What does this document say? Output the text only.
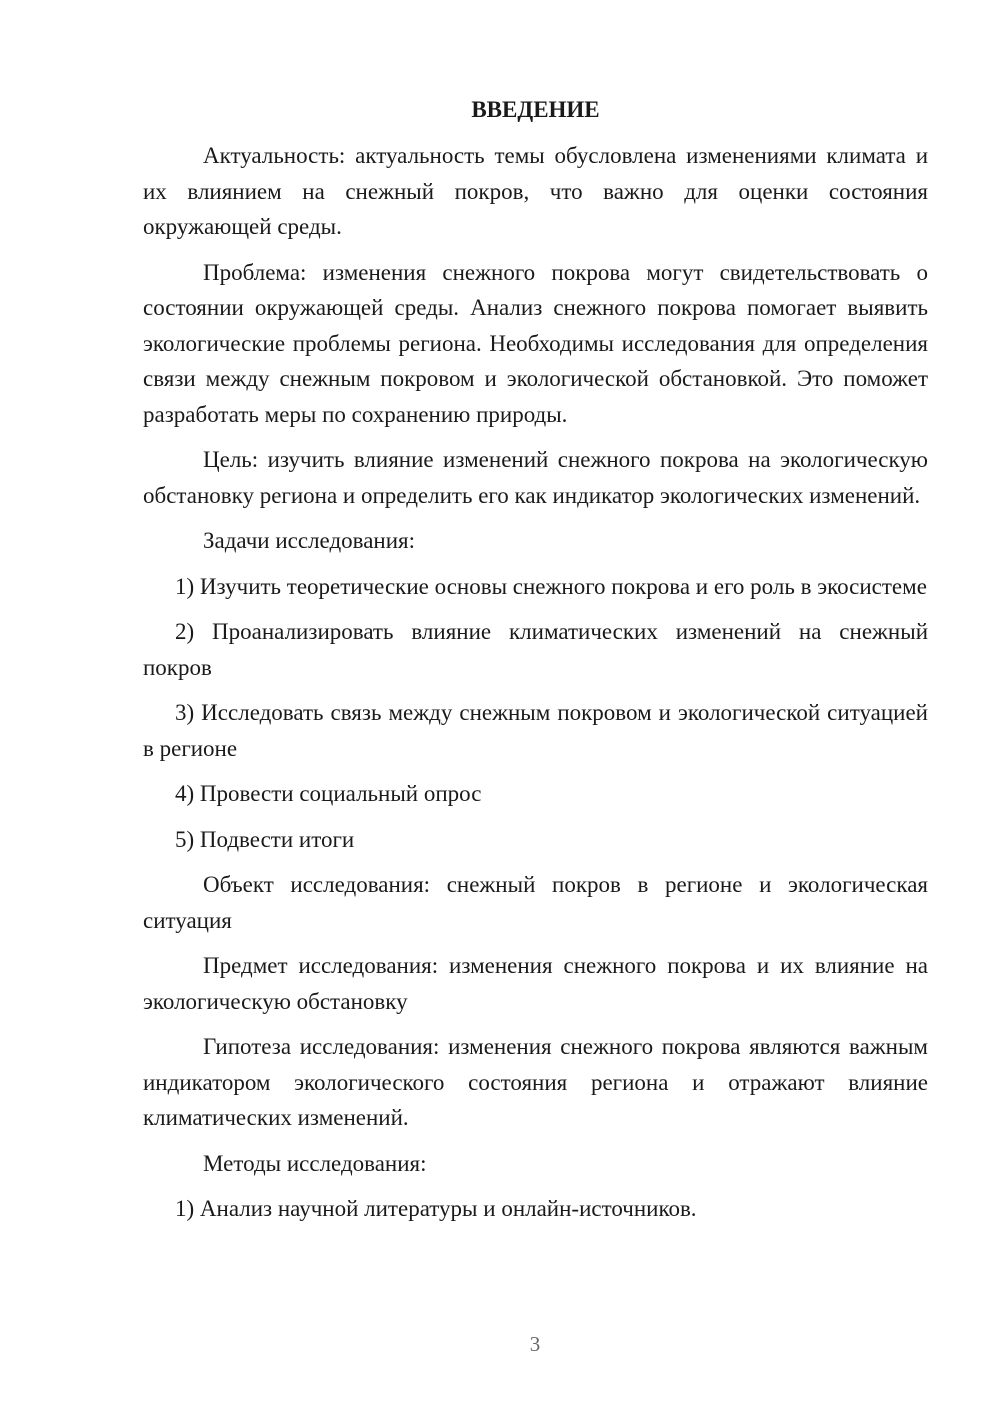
ВВЕДЕНИЕ

Актуальность: актуальность темы обусловлена изменениями климата и их влиянием на снежный покров, что важно для оценки состояния окружающей среды.

Проблема: изменения снежного покрова могут свидетельствовать о состоянии окружающей среды. Анализ снежного покрова помогает выявить экологические проблемы региона. Необходимы исследования для определения связи между снежным покровом и экологической обстановкой. Это поможет разработать меры по сохранению природы.

Цель: изучить влияние изменений снежного покрова на экологическую обстановку региона и определить его как индикатор экологических изменений.

Задачи исследования:

1) Изучить теоретические основы снежного покрова и его роль в экосистеме

2) Проанализировать влияние климатических изменений на снежный покров

3) Исследовать связь между снежным покровом и экологической ситуацией в регионе

4) Провести социальный опрос

5) Подвести итоги

Объект исследования: снежный покров в регионе и экологическая ситуация

Предмет исследования: изменения снежного покрова и их влияние на экологическую обстановку

Гипотеза исследования: изменения снежного покрова являются важным индикатором экологического состояния региона и отражают влияние климатических изменений.

Методы исследования:

1) Анализ научной литературы и онлайн-источников.

3
